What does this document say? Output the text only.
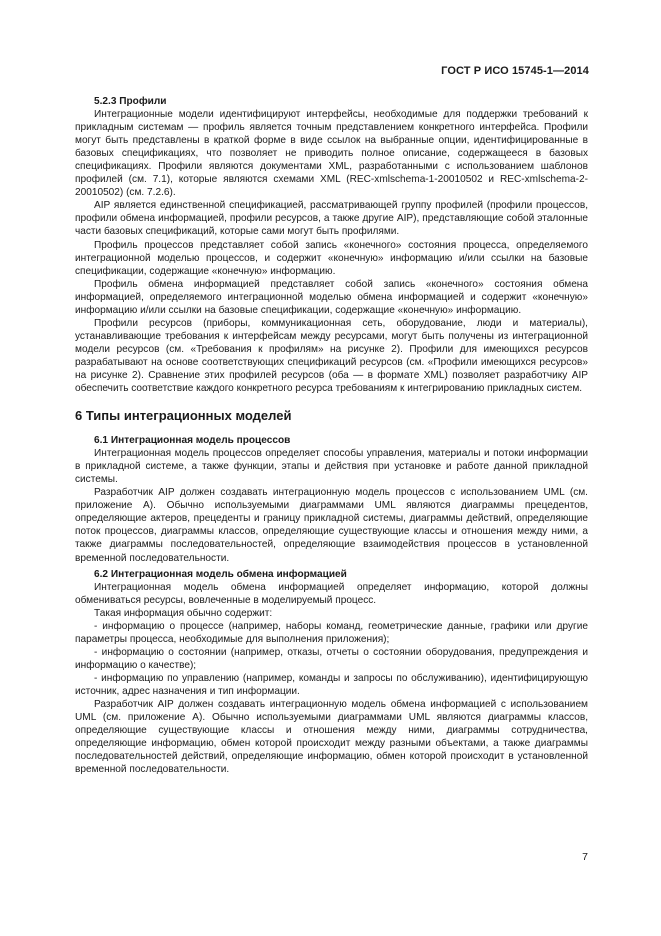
ГОСТ Р ИСО 15745-1—2014
5.2.3 Профили

Интеграционные модели идентифицируют интерфейсы, необходимые для поддержки требований к прикладным системам — профиль является точным представлением конкретного интерфейса. Профили могут быть представлены в краткой форме в виде ссылок на выбранные опции, идентифицированные в базовых спецификациях, что позволяет не приводить полное описание, содержащееся в базовых спецификациях. Профили являются документами XML, разработанными с использованием шаблонов профилей (см. 7.1), которые являются схемами XML (REC-xmlschema-1-20010502 и REC-xmlschema-2-20010502) (см. 7.2.6).

AIP является единственной спецификацией, рассматривающей группу профилей (профили процессов, профили обмена информацией, профили ресурсов, а также другие AIP), представляющие собой эталонные части базовых спецификаций, которые сами могут быть профилями.

Профиль процессов представляет собой запись «конечного» состояния процесса, определяемого интеграционной моделью процессов, и содержит «конечную» информацию и/или ссылки на базовые спецификации, содержащие «конечную» информацию.

Профиль обмена информацией представляет собой запись «конечного» состояния обмена информацией, определяемого интеграционной моделью обмена информацией и содержит «конечную» информацию и/или ссылки на базовые спецификации, содержащие «конечную» информацию.

Профили ресурсов (приборы, коммуникационная сеть, оборудование, люди и материалы), устанавливающие требования к интерфейсам между ресурсами, могут быть получены из интеграционной модели ресурсов (см. «Требования к профилям» на рисунке 2). Профили для имеющихся ресурсов разрабатывают на основе соответствующих спецификаций ресурсов (см. «Профили имеющихся ресурсов» на рисунке 2). Сравнение этих профилей ресурсов (оба — в формате XML) позволяет разработчику AIP обеспечить соответствие каждого конкретного ресурса требованиям к интегрированию прикладных систем.

6 Типы интеграционных моделей
6.1 Интеграционная модель процессов

Интеграционная модель процессов определяет способы управления, материалы и потоки информации в прикладной системе, а также функции, этапы и действия при установке и работе данной прикладной системы.

Разработчик AIP должен создавать интеграционную модель процессов с использованием UML (см. приложение А). Обычно используемыми диаграммами UML являются диаграммы прецедентов, определяющие актеров, прецеденты и границу прикладной системы, диаграммы действий, определяющие поток процессов, диаграммы классов, определяющие существующие классы и отношения между ними, а также диаграммы последовательностей, определяющие взаимодействия процессов в установленной временной последовательности.

6.2 Интеграционная модель обмена информацией

Интеграционная модель обмена информацией определяет информацию, которой должны обмениваться ресурсы, вовлеченные в моделируемый процесс.

Такая информация обычно содержит:

- информацию о процессе (например, наборы команд, геометрические данные, графики или другие параметры процесса, необходимые для выполнения приложения);

- информацию о состоянии (например, отказы, отчеты о состоянии оборудования, предупреждения и информацию о качестве);

- информацию по управлению (например, команды и запросы по обслуживанию), идентифицирующую источник, адрес назначения и тип информации.

Разработчик AIP должен создавать интеграционную модель обмена информацией с использованием UML (см. приложение А). Обычно используемыми диаграммами UML являются диаграммы классов, определяющие существующие классы и отношения между ними, диаграммы сотрудничества, определяющие информацию, обмен которой происходит между разными объектами, а также диаграммы последовательностей действий, определяющие информацию, обмен которой происходит в установленной временной последовательности.

7
